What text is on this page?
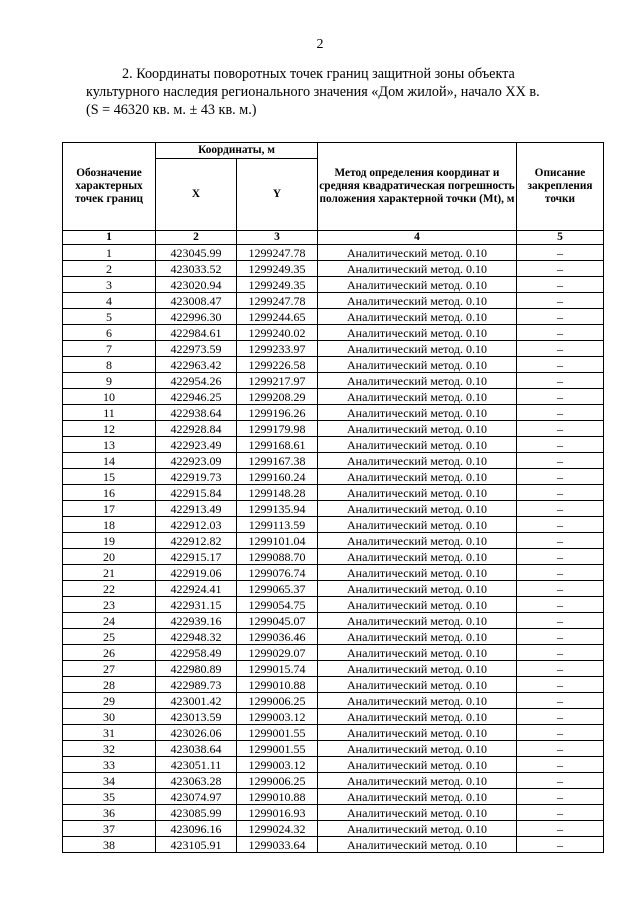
2
2. Координаты поворотных точек границ защитной зоны объекта
культурного наследия регионального значения «Дом жилой», начало XX в.
(S = 46320 кв. м. ± 43 кв. м.)
Обозначение характерных точек границ	Координаты, м		Метод определения координат и средняя квадратическая погрешность положения характерной точки (Mt), м	Описание закрепления точки
	X	Y		
1	2	3	4	5
1	423045.99	1299247.78	Аналитический метод. 0.10	–
2	423033.52	1299249.35	Аналитический метод. 0.10	–
3	423020.94	1299249.35	Аналитический метод. 0.10	–
4	423008.47	1299247.78	Аналитический метод. 0.10	–
5	422996.30	1299244.65	Аналитический метод. 0.10	–
6	422984.61	1299240.02	Аналитический метод. 0.10	–
7	422973.59	1299233.97	Аналитический метод. 0.10	–
8	422963.42	1299226.58	Аналитический метод. 0.10	–
9	422954.26	1299217.97	Аналитический метод. 0.10	–
10	422946.25	1299208.29	Аналитический метод. 0.10	–
11	422938.64	1299196.26	Аналитический метод. 0.10	–
12	422928.84	1299179.98	Аналитический метод. 0.10	–
13	422923.49	1299168.61	Аналитический метод. 0.10	–
14	422923.09	1299167.38	Аналитический метод. 0.10	–
15	422919.73	1299160.24	Аналитический метод. 0.10	–
16	422915.84	1299148.28	Аналитический метод. 0.10	–
17	422913.49	1299135.94	Аналитический метод. 0.10	–
18	422912.03	1299113.59	Аналитический метод. 0.10	–
19	422912.82	1299101.04	Аналитический метод. 0.10	–
20	422915.17	1299088.70	Аналитический метод. 0.10	–
21	422919.06	1299076.74	Аналитический метод. 0.10	–
22	422924.41	1299065.37	Аналитический метод. 0.10	–
23	422931.15	1299054.75	Аналитический метод. 0.10	–
24	422939.16	1299045.07	Аналитический метод. 0.10	–
25	422948.32	1299036.46	Аналитический метод. 0.10	–
26	422958.49	1299029.07	Аналитический метод. 0.10	–
27	422980.89	1299015.74	Аналитический метод. 0.10	–
28	422989.73	1299010.88	Аналитический метод. 0.10	–
29	423001.42	1299006.25	Аналитический метод. 0.10	–
30	423013.59	1299003.12	Аналитический метод. 0.10	–
31	423026.06	1299001.55	Аналитический метод. 0.10	–
32	423038.64	1299001.55	Аналитический метод. 0.10	–
33	423051.11	1299003.12	Аналитический метод. 0.10	–
34	423063.28	1299006.25	Аналитический метод. 0.10	–
35	423074.97	1299010.88	Аналитический метод. 0.10	–
36	423085.99	1299016.93	Аналитический метод. 0.10	–
37	423096.16	1299024.32	Аналитический метод. 0.10	–
38	423105.91	1299033.64	Аналитический метод. 0.10	–
